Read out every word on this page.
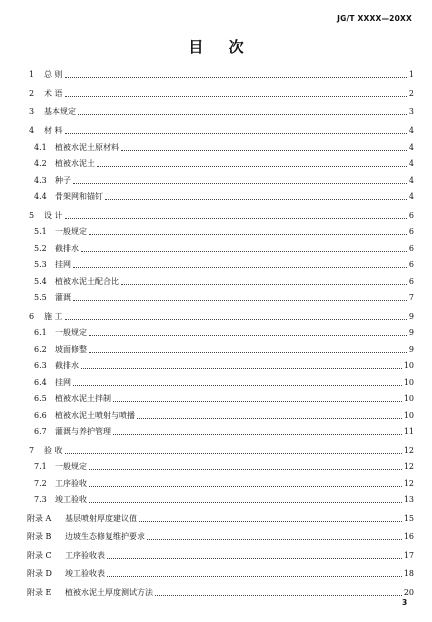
JG/T XXXX—20XX
目 次
1 总 则	1
2 术 语	2
3 基本规定	3
4 材 料	4
4.1 植被水泥土原材料	4
4.2 植被水泥土	4
4.3 种子	4
4.4 骨架网和锚钉	4
5 设 计	6
5.1 一般规定	6
5.2 截排水	6
5.3 挂网	6
5.4 植被水泥土配合比	6
5.5 灌溉	7
6 施 工	9
6.1 一般规定	9
6.2 坡面修整	9
6.3 截排水	10
6.4 挂网	10
6.5 植被水泥土拌制	10
6.6 植被水泥土喷射与喷播	10
6.7 灌溉与养护管理	11
7 验 收	12
7.1 一般规定	12
7.2 工序验收	12
7.3 竣工验收	13
附录 A 基层喷射厚度建议值	15
附录 B 边坡生态修复维护要求	16
附录 C 工序验收表	17
附录 D 竣工验收表	18
附录 E 植被水泥土厚度测试方法	20
3
